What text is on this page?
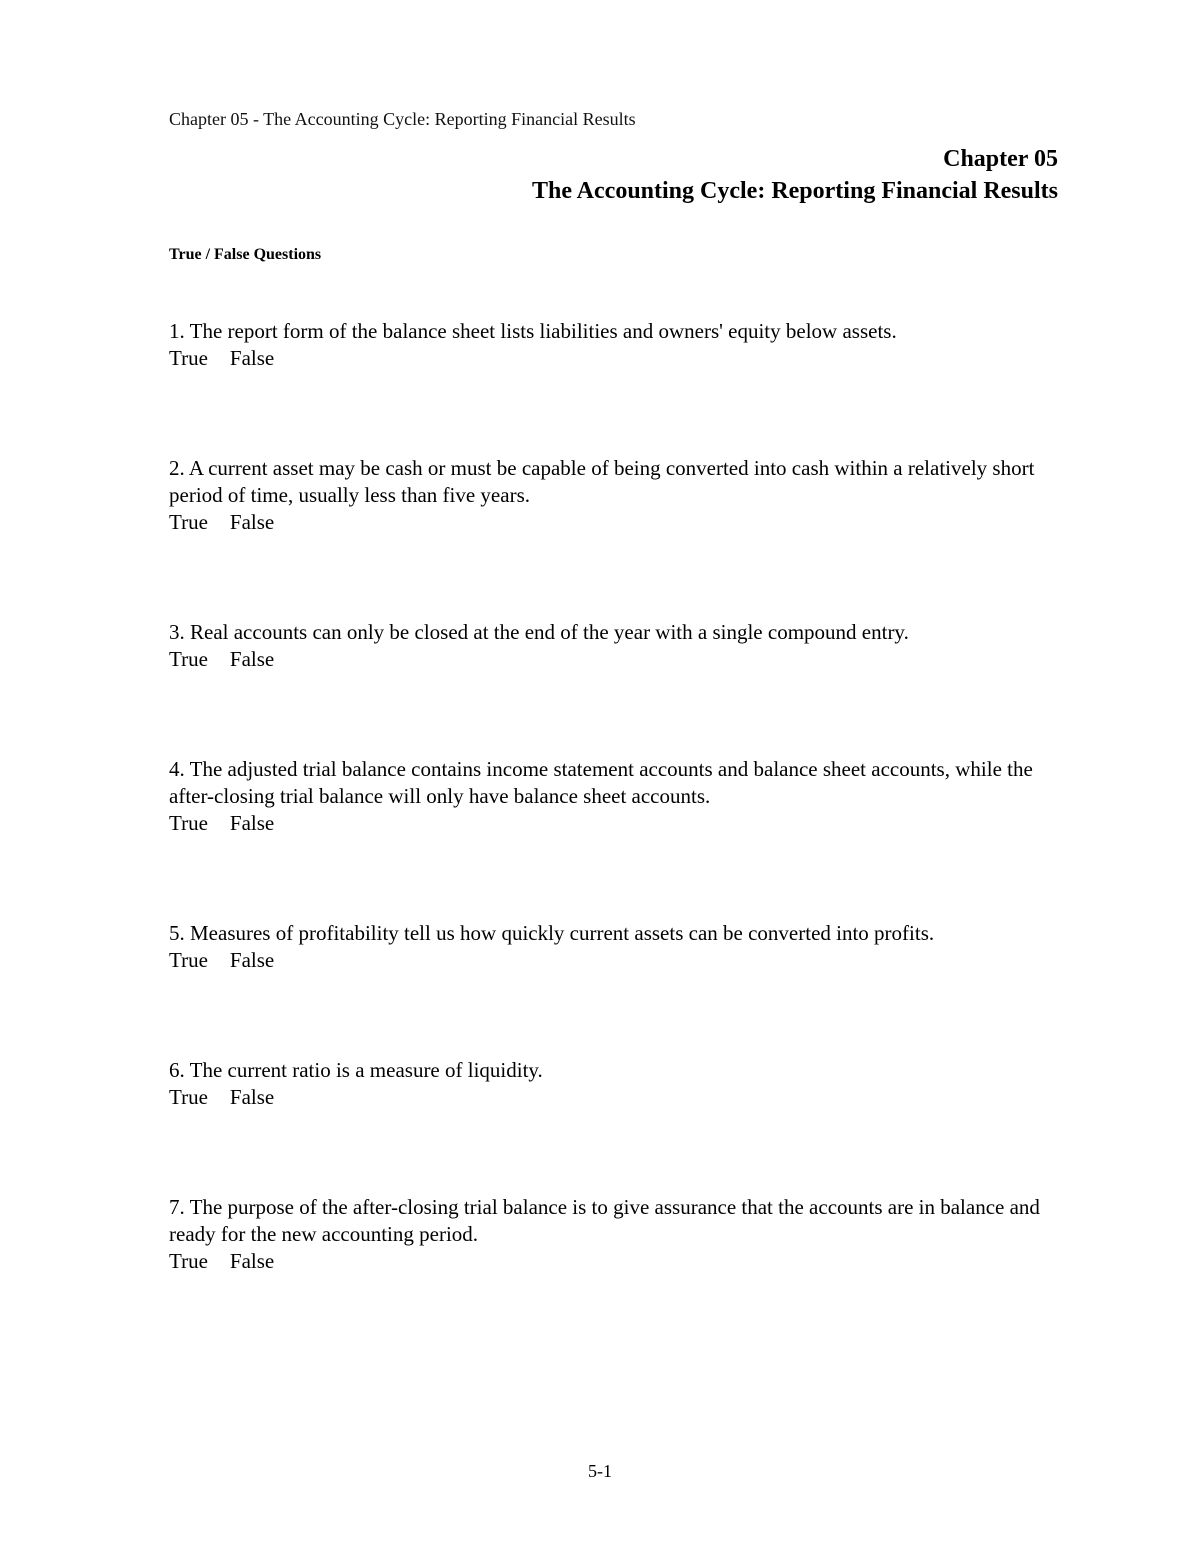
Chapter 05 - The Accounting Cycle: Reporting Financial Results
Chapter 05
The Accounting Cycle: Reporting Financial Results
True / False Questions
1. The report form of the balance sheet lists liabilities and owners' equity below assets.
True False
2. A current asset may be cash or must be capable of being converted into cash within a relatively short period of time, usually less than five years.
True False
3. Real accounts can only be closed at the end of the year with a single compound entry.
True False
4. The adjusted trial balance contains income statement accounts and balance sheet accounts, while the after-closing trial balance will only have balance sheet accounts.
True False
5. Measures of profitability tell us how quickly current assets can be converted into profits.
True False
6. The current ratio is a measure of liquidity.
True False
7. The purpose of the after-closing trial balance is to give assurance that the accounts are in balance and ready for the new accounting period.
True False
5-1
